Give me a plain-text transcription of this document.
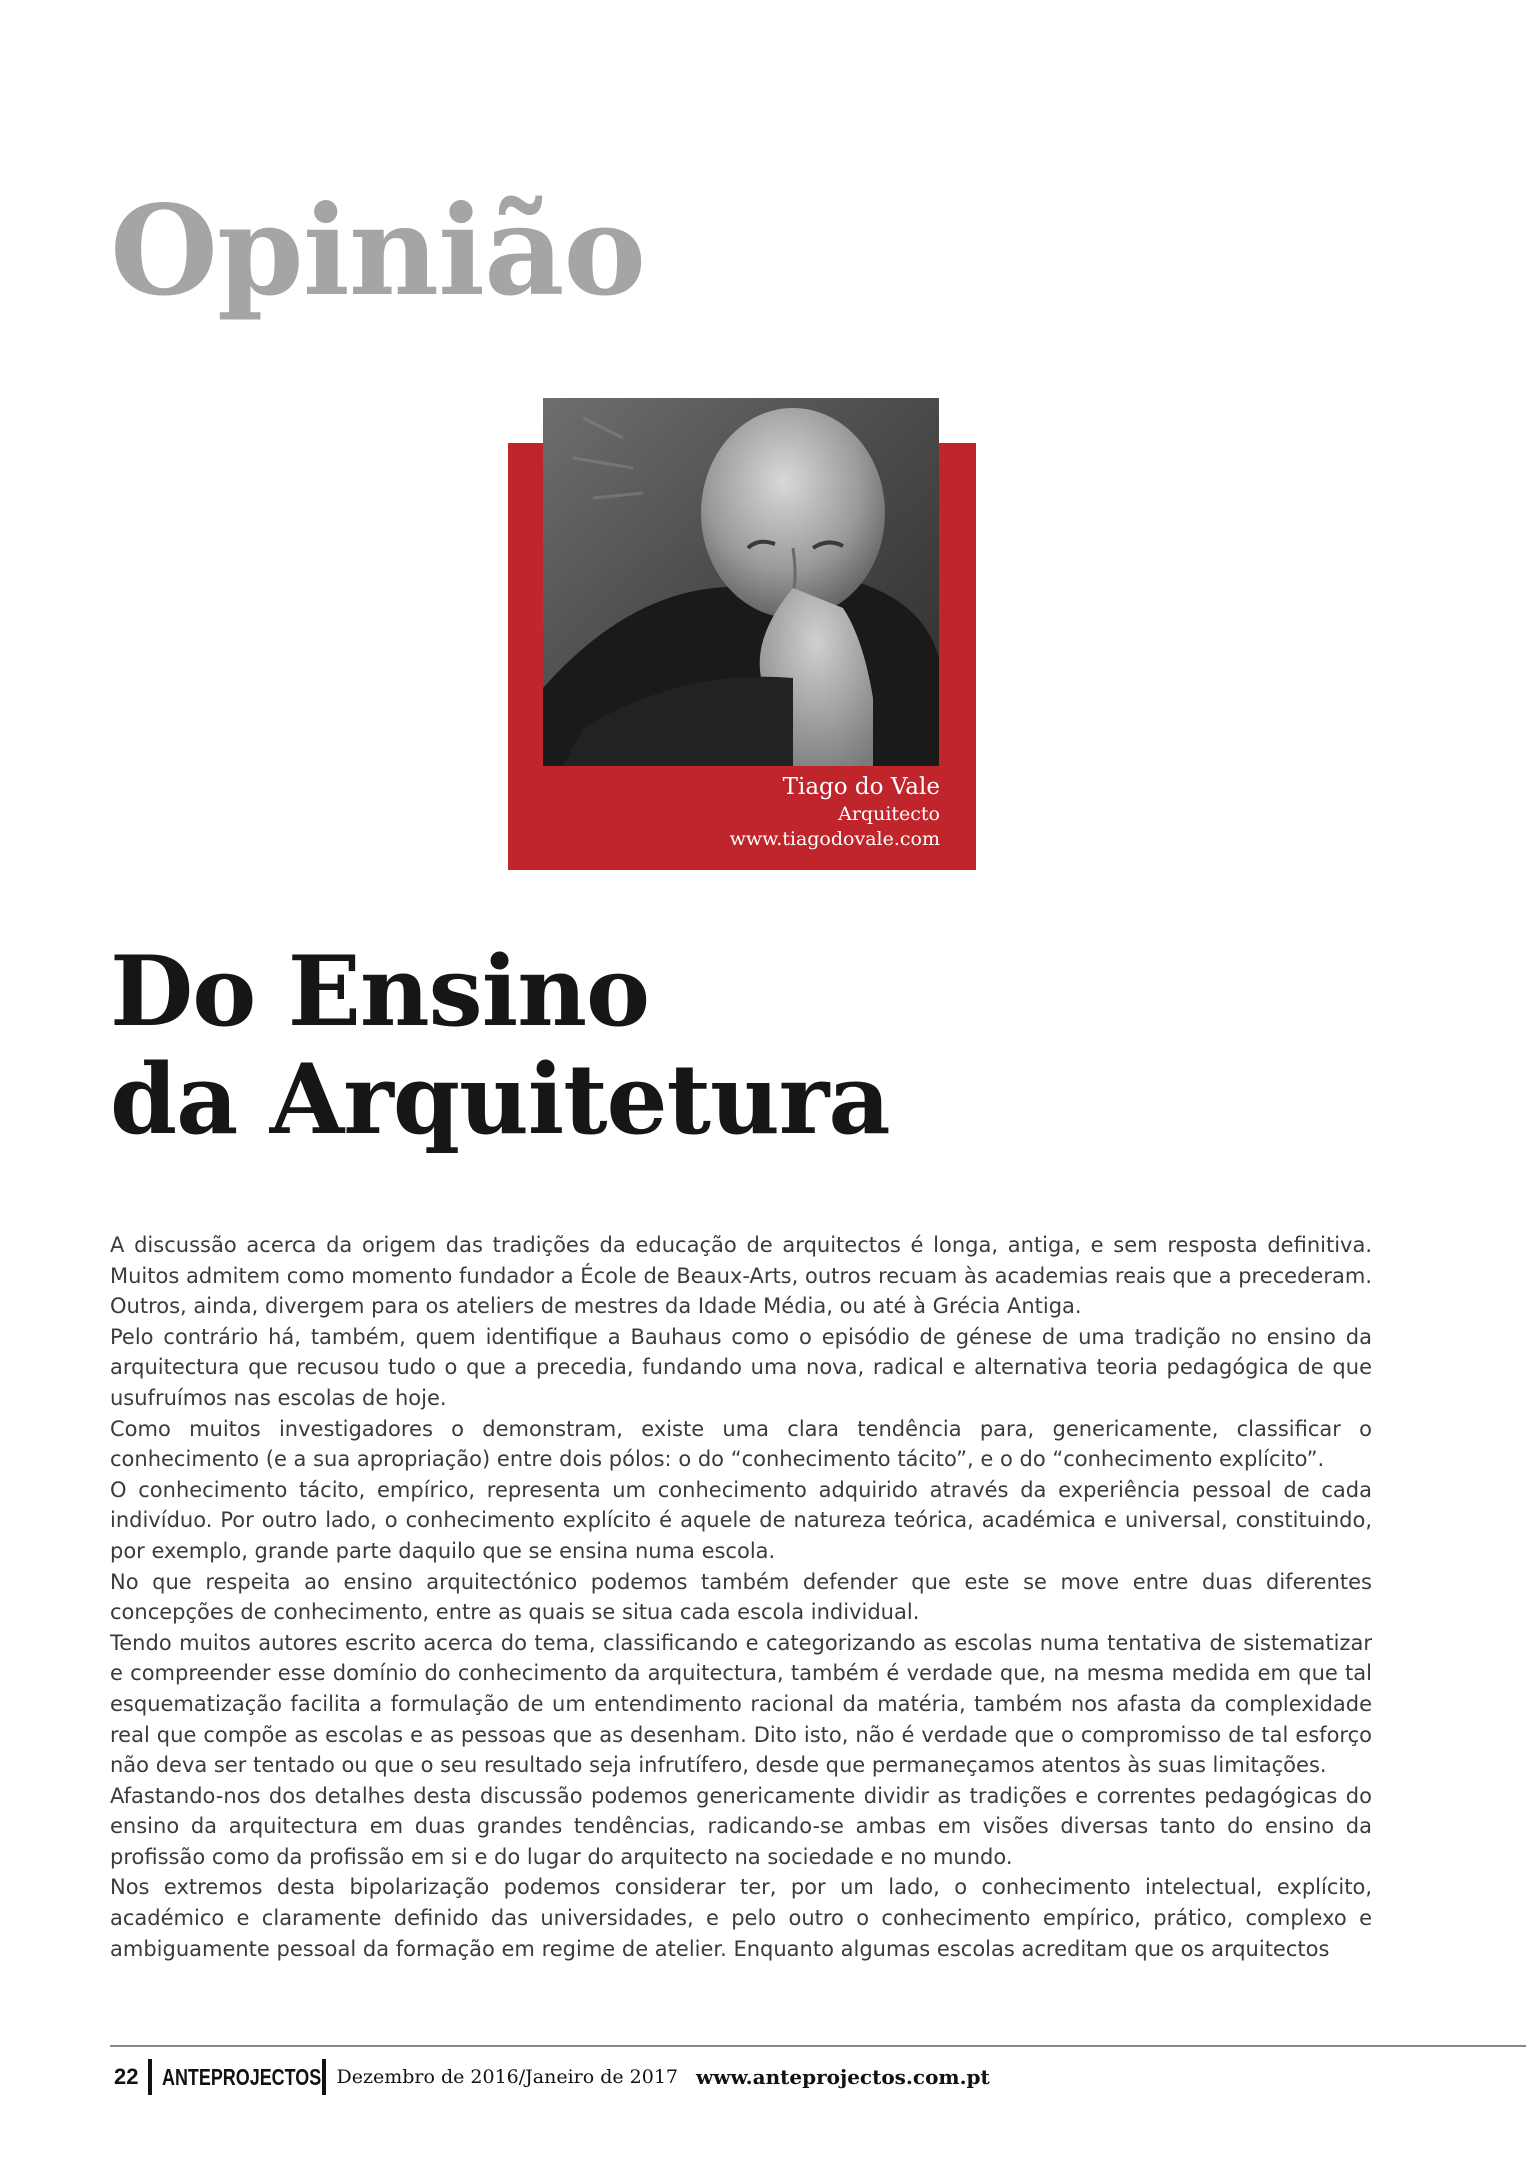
Opinião
Tiago do Vale
Arquitecto
www.tiagodovale.com
Do Ensino
da Arquitetura

A discussão acerca da origem das tradições da educação de arquitectos é longa, antiga, e sem resposta definitiva. Muitos admitem como momento fundador a École de Beaux-Arts, outros recuam às academias reais que a precederam. Outros, ainda, divergem para os ateliers de mestres da Idade Média, ou até à Grécia Antiga.

Pelo contrário há, também, quem identifique a Bauhaus como o episódio de génese de uma tradição no ensino da arquitectura que recusou tudo o que a precedia, fundando uma nova, radical e alternativa teoria pedagógica de que usufruímos nas escolas de hoje.

Como muitos investigadores o demonstram, existe uma clara tendência para, genericamente, classificar o conhecimento (e a sua apropriação) entre dois pólos: o do “conhecimento tácito”, e o do “conhecimento explícito”.

O conhecimento tácito, empírico, representa um conhecimento adquirido através da experiência pessoal de cada indivíduo. Por outro lado, o conhecimento explícito é aquele de natureza teórica, académica e universal, constituindo, por exemplo, grande parte daquilo que se ensina numa escola.

No que respeita ao ensino arquitectónico podemos também defender que este se move entre duas diferentes concepções de conhecimento, entre as quais se situa cada escola individual.

Tendo muitos autores escrito acerca do tema, classificando e categorizando as escolas numa tentativa de sistematizar e compreender esse domínio do conhecimento da arquitectura, também é verdade que, na mesma medida em que tal esquematização facilita a formulação de um entendimento racional da matéria, também nos afasta da complexidade real que compõe as escolas e as pessoas que as desenham. Dito isto, não é verdade que o compromisso de tal esforço não deva ser tentado ou que o seu resultado seja infrutífero, desde que permaneçamos atentos às suas limitações.

Afastando-nos dos detalhes desta discussão podemos genericamente dividir as tradições e correntes pedagógicas do ensino da arquitectura em duas grandes tendências, radicando-se ambas em visões diversas tanto do ensino da profissão como da profissão em si e do lugar do arquitecto na sociedade e no mundo.

Nos extremos desta bipolarização podemos considerar ter, por um lado, o conhecimento intelectual, explícito, académico e claramente definido das universidades, e pelo outro o conhecimento empírico, prático, complexo e ambiguamente pessoal da formação em regime de atelier. Enquanto algumas escolas acreditam que os arquitectos

22 ANTEPROJECTOS Dezembro de 2016/Janeiro de 2017 www.anteprojectos.com.pt
